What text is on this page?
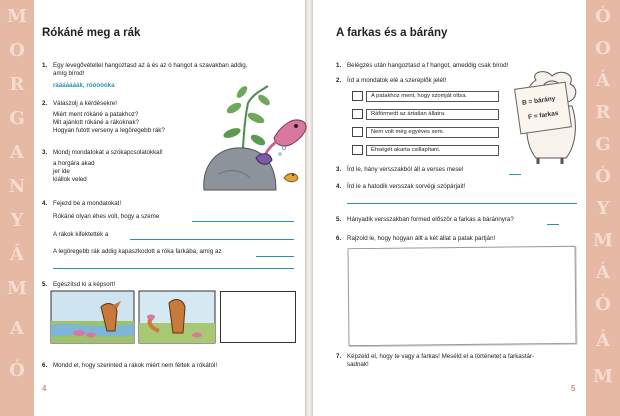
M
O
R
G
A
N
Y
Á
M
A
Ó
Ó
O
Á
R
G
Ó
Y
M
Á
Ó
Á
M
Rókáné meg a rák
1. Egy levegővétellel hangoztasd az á és az ó hangot a szavakban addig,
amíg bírod!
rááááááák, róóóóóka
2. Válaszolj a kérdésekre!
Miért ment rókáné a patakhoz?
Mit ajánlott rókáné a rákoknak?
Hogyan futott verseny a legöregebb rák?
3. Mondj mondatokat a szókapcsolatokkal!
a horgára akad
jer ide
kiállok veled
4. Fejezd be a mondatokat!
Rókáné olyan éhes volt, hogy a szeme
A rákok kifektették a
A legöregebb rák addig kapaszkodott a róka farkába, amíg az
5. Egészítsd ki a képsort!
6. Mondd el, hogy szerinted a rákok miért nem féltek a rókától!
4
A farkas és a bárány
1. Belégzés után hangoztasd a f hangot, ameddig csak bírod!
2. Írd a mondatok elé a szereplők jelét!
A patakhoz ment, hogy szomját oltsa.
Ráförmedt az ártatlan állatra.
Nem volt még egyéves sem.
Éhségét akarta csillapítani.
B = bárány
F = farkas
3. Írd le, hány versszakból áll a verses mese!
4. Írd le a hatodik versszak sorvégi szópárjait!
5. Hányadik versszakban formed először a farkas a báránnyra?
6. Rajzold le, hogy hogyan állt a két állat a patak partján!
7. Képzeld el, hogy te vagy a farkas! Meséld el a történetet a farkastár-
sadnak!
5
